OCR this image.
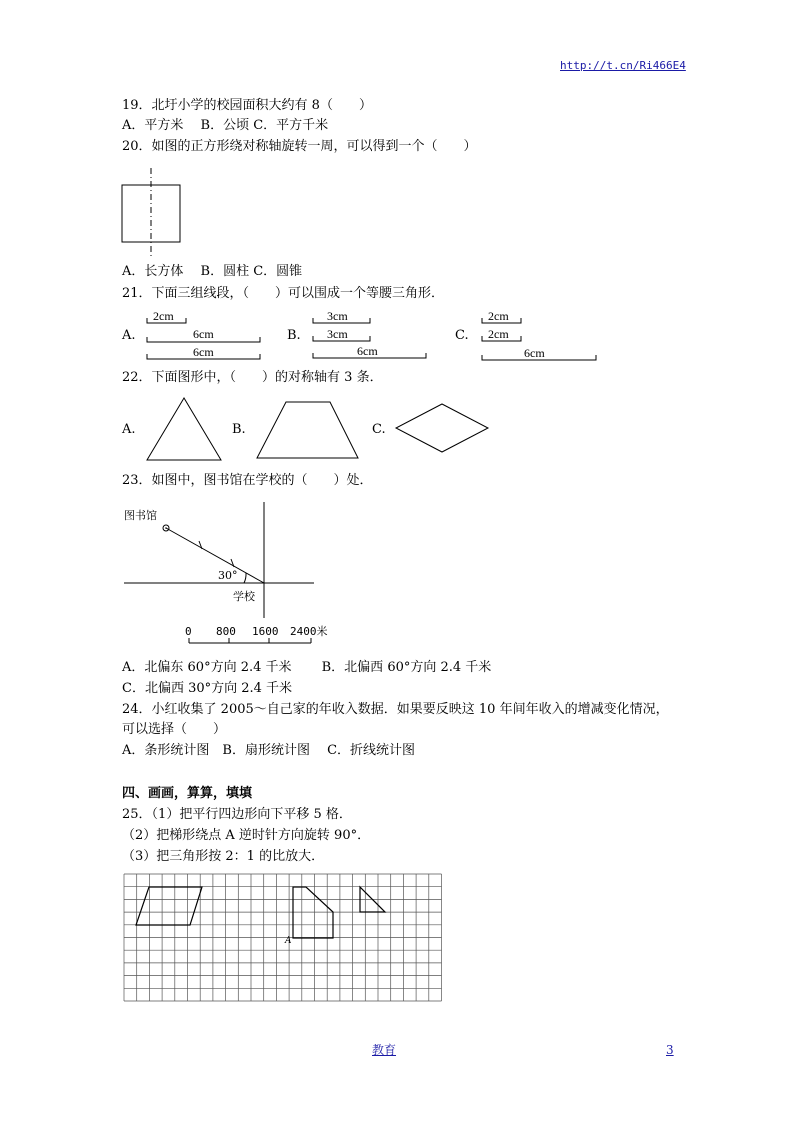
http://t.cn/Ri466E4
19．北圩小学的校园面积大约有 8（　　）
A．平方米　 B．公顷 C．平方千米
20．如图的正方形绕对称轴旋转一周，可以得到一个（　　）
A．长方体　 B．圆柱 C．圆锥
21．下面三组线段，（　　）可以围成一个等腰三角形．
A.	B.	C.
2cm
6cm
6cm
3cm
3cm
6cm
2cm
2cm
6cm
22．下面图形中，（　　）的对称轴有 3 条．
A.	B.	C.
23．如图中，图书馆在学校的（　　）处．
图书馆
30°
学校
0 800 1600 2400米
A．北偏东 60°方向 2.4 千米　　 B．北偏西 60°方向 2.4 千米
C．北偏西 30°方向 2.4 千米
24．小红收集了 2005～自己家的年收入数据．如果要反映这 10 年间年收入的增减变化情况，
可以选择（　　）
A．条形统计图　B．扇形统计图　 C．折线统计图
四、画画，算算，填填
25．（1）把平行四边形向下平移 5 格．
（2）把梯形绕点 A 逆时针方向旋转 90°．
（3）把三角形按 2：1 的比放大．
A
教育	3
